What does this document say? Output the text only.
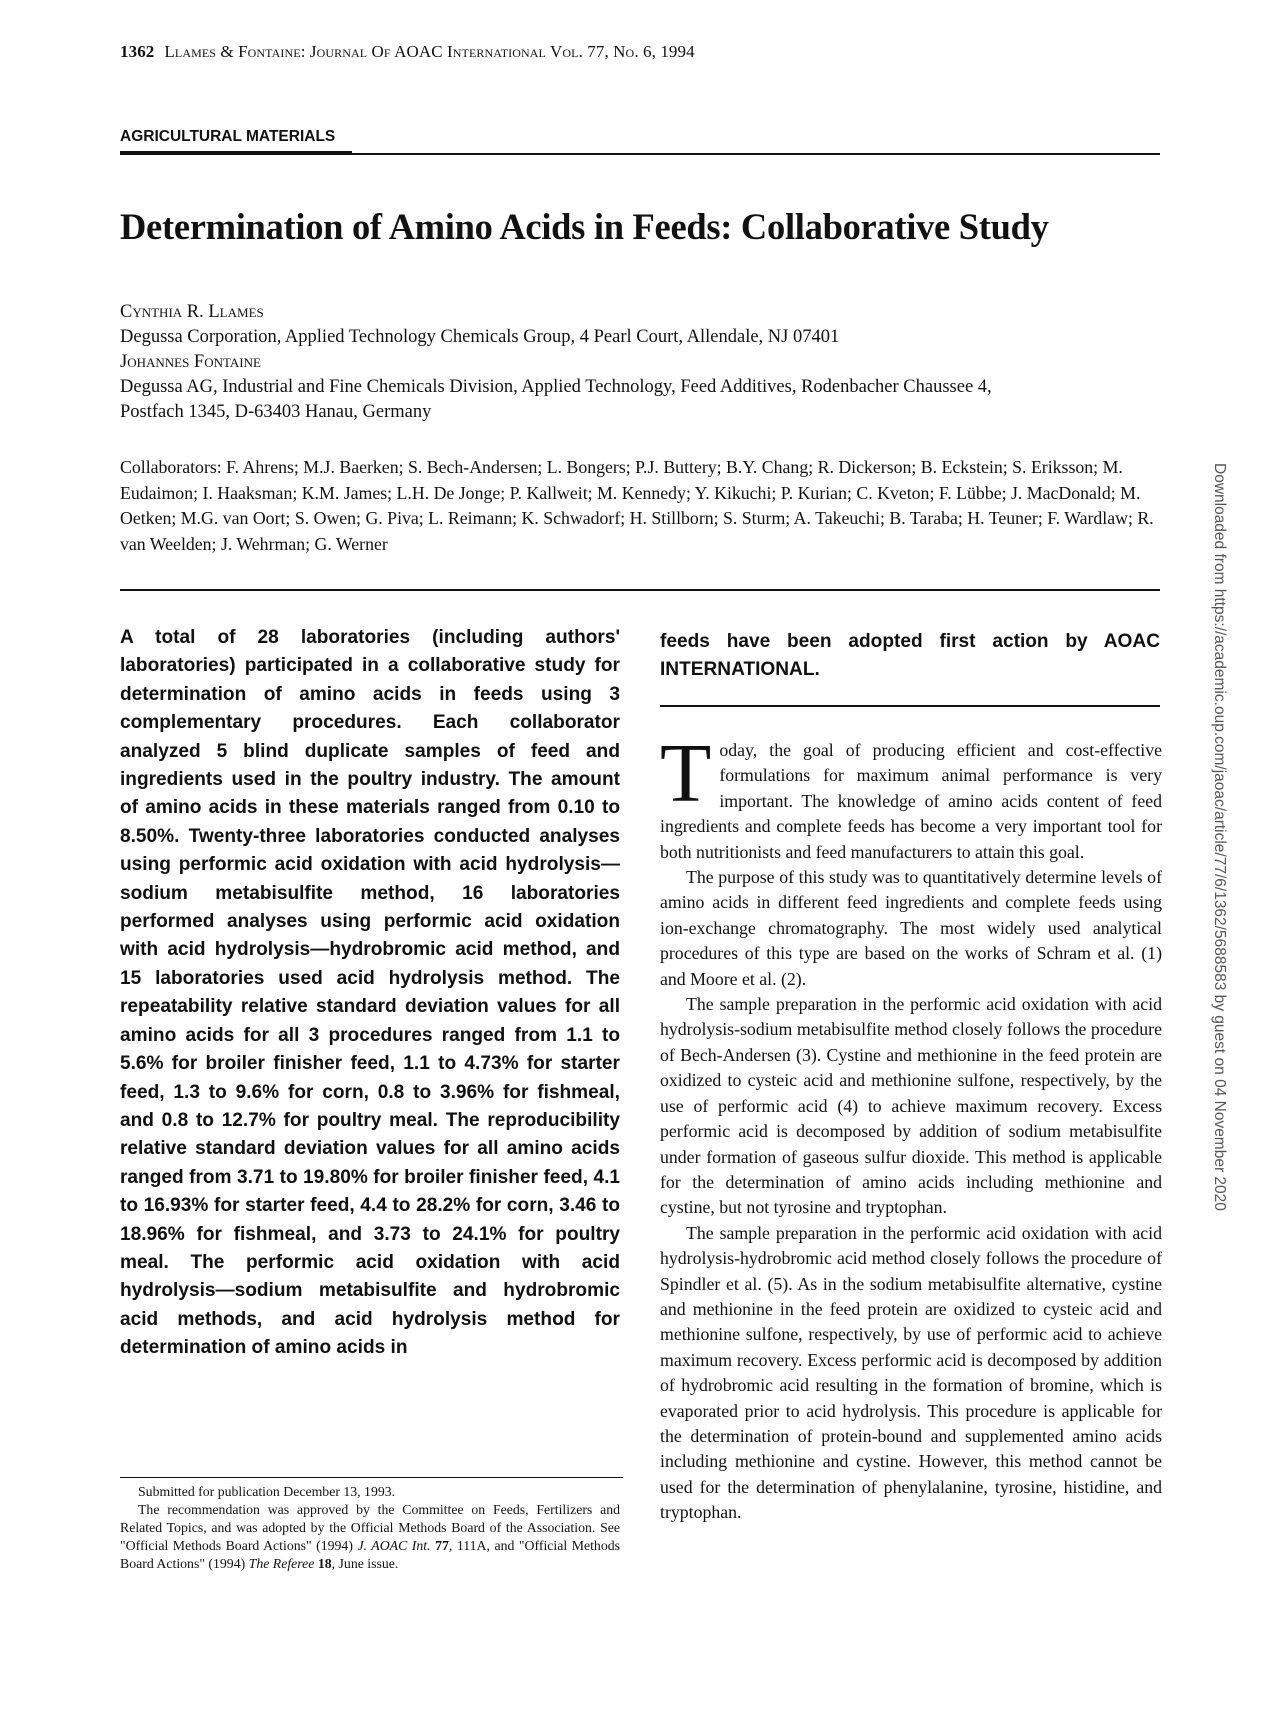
1362 Llames & Fontaine: Journal Of AOAC International Vol. 77, No. 6, 1994
AGRICULTURAL MATERIALS
Determination of Amino Acids in Feeds: Collaborative Study
Cynthia R. Llames
Degussa Corporation, Applied Technology Chemicals Group, 4 Pearl Court, Allendale, NJ 07401
Johannes Fontaine
Degussa AG, Industrial and Fine Chemicals Division, Applied Technology, Feed Additives, Rodenbacher Chaussee 4,
Postfach 1345, D-63403 Hanau, Germany
Collaborators: F. Ahrens; M.J. Baerken; S. Bech-Andersen; L. Bongers; P.J. Buttery; B.Y. Chang; R. Dickerson; B. Eckstein; S. Eriksson; M. Eudaimon; I. Haaksman; K.M. James; L.H. De Jonge; P. Kallweit; M. Kennedy; Y. Kikuchi; P. Kurian; C. Kveton; F. Lübbe; J. MacDonald; M. Oetken; M.G. van Oort; S. Owen; G. Piva; L. Reimann; K. Schwadorf; H. Stillborn; S. Sturm; A. Takeuchi; B. Taraba; H. Teuner; F. Wardlaw; R. van Weelden; J. Wehrman; G. Werner
A total of 28 laboratories (including authors' laboratories) participated in a collaborative study for determination of amino acids in feeds using 3 complementary procedures. Each collaborator analyzed 5 blind duplicate samples of feed and ingredients used in the poultry industry. The amount of amino acids in these materials ranged from 0.10 to 8.50%. Twenty-three laboratories conducted analyses using performic acid oxidation with acid hydrolysis—sodium metabisulfite method, 16 laboratories performed analyses using performic acid oxidation with acid hydrolysis—hydrobromic acid method, and 15 laboratories used acid hydrolysis method. The repeatability relative standard deviation values for all amino acids for all 3 procedures ranged from 1.1 to 5.6% for broiler finisher feed, 1.1 to 4.73% for starter feed, 1.3 to 9.6% for corn, 0.8 to 3.96% for fishmeal, and 0.8 to 12.7% for poultry meal. The reproducibility relative standard deviation values for all amino acids ranged from 3.71 to 19.80% for broiler finisher feed, 4.1 to 16.93% for starter feed, 4.4 to 28.2% for corn, 3.46 to 18.96% for fishmeal, and 3.73 to 24.1% for poultry meal. The performic acid oxidation with acid hydrolysis—sodium metabisulfite and hydrobromic acid methods, and acid hydrolysis method for determination of amino acids in
feeds have been adopted first action by AOAC INTERNATIONAL.

Submitted for publication December 13, 1993.

The recommendation was approved by the Committee on Feeds, Fertilizers and Related Topics, and was adopted by the Official Methods Board of the Association. See "Official Methods Board Actions" (1994) J. AOAC Int. 77, 111A, and "Official Methods Board Actions" (1994) The Referee 18, June issue.

Today, the goal of producing efficient and cost-effective formulations for maximum animal performance is very important. The knowledge of amino acids content of feed ingredients and complete feeds has become a very important tool for both nutritionists and feed manufacturers to attain this goal.

The purpose of this study was to quantitatively determine levels of amino acids in different feed ingredients and complete feeds using ion-exchange chromatography. The most widely used analytical procedures of this type are based on the works of Schram et al. (1) and Moore et al. (2).

The sample preparation in the performic acid oxidation with acid hydrolysis-sodium metabisulfite method closely follows the procedure of Bech-Andersen (3). Cystine and methionine in the feed protein are oxidized to cysteic acid and methionine sulfone, respectively, by the use of performic acid (4) to achieve maximum recovery. Excess performic acid is decomposed by addition of sodium metabisulfite under formation of gaseous sulfur dioxide. This method is applicable for the determination of amino acids including methionine and cystine, but not tyrosine and tryptophan.

The sample preparation in the performic acid oxidation with acid hydrolysis-hydrobromic acid method closely follows the procedure of Spindler et al. (5). As in the sodium metabisulfite alternative, cystine and methionine in the feed protein are oxidized to cysteic acid and methionine sulfone, respectively, by use of performic acid to achieve maximum recovery. Excess performic acid is decomposed by addition of hydrobromic acid resulting in the formation of bromine, which is evaporated prior to acid hydrolysis. This procedure is applicable for the determination of protein-bound and supplemented amino acids including methionine and cystine. However, this method cannot be used for the determination of phenylalanine, tyrosine, histidine, and tryptophan.

Downloaded from https://academic.oup.com/jaoac/article/77/6/1362/5688583 by guest on 04 November 2020
